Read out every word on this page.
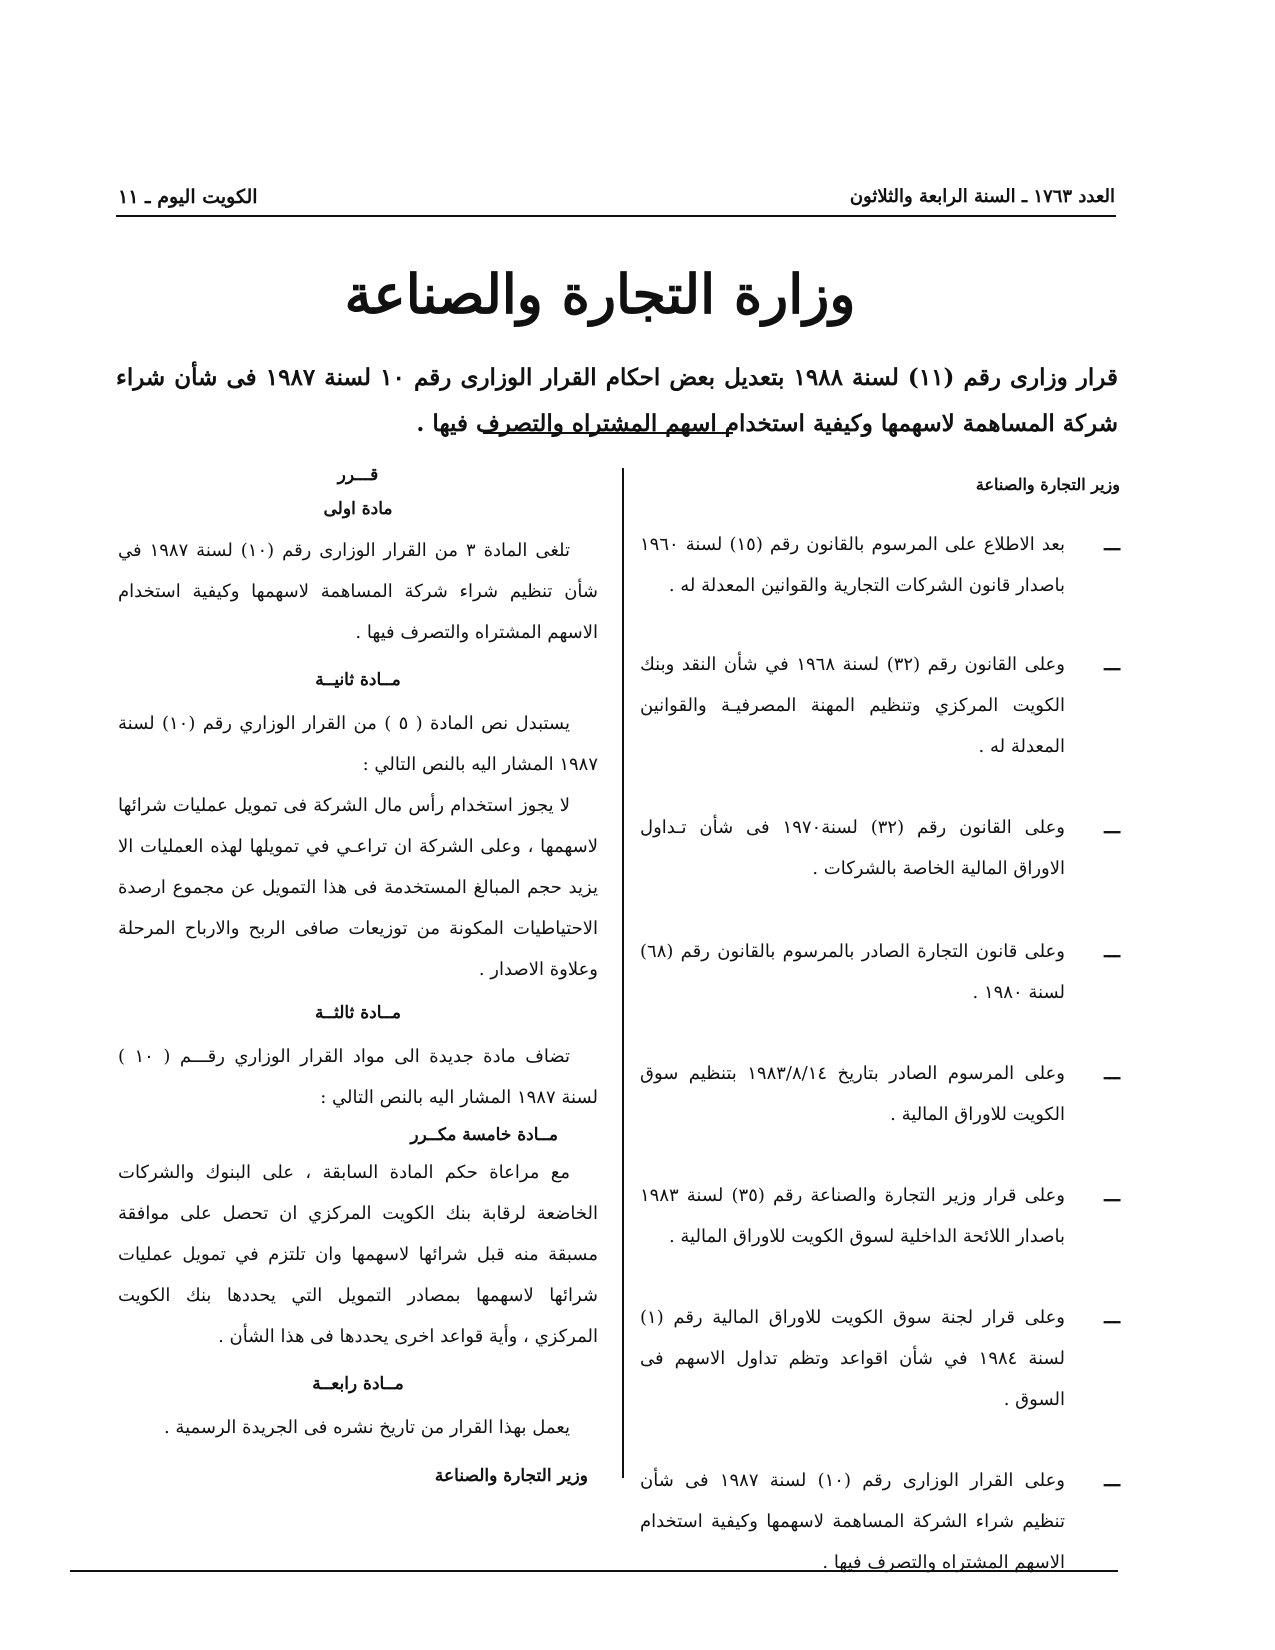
الكويت اليوم ـ ١١	العدد ١٧٦٣ ـ السنة الرابعة والثلاثون
وزارة التجارة والصناعة
قرار وزارى رقم (١١) لسنة ١٩٨٨ بتعديل بعض احكام القرار الوزارى رقم ١٠ لسنة ١٩٨٧ فى شأن شراء شركة المساهمة لاسهمها وكيفية استخدام اسهم المشتراه والتصرف فيها .
وزير التجارة والصناعة
ـــ
بعد الاطلاع على المرسوم بالقانون رقم (١٥) لسنة ١٩٦٠ باصدار قانون الشركات التجارية والقوانين المعدلة له .
ـــ
وعلى القانون رقم (٣٢) لسنة ١٩٦٨ في شأن النقد وبنك الكويت المركزي وتنظيم المهنة المصرفيـة والقوانين المعدلة له .
ـــ
وعلى القانون رقم (٣٢) لسنة١٩٧٠ فى شأن تـداول الاوراق المالية الخاصة بالشركات .
ـــ
وعلى قانون التجارة الصادر بالمرسوم بالقانون رقم (٦٨) لسنة ١٩٨٠ .
ـــ
وعلى المرسوم الصادر بتاريخ ١٩٨٣/٨/١٤ بتنظيم سوق الكويت للاوراق المالية .
ـــ
وعلى قرار وزير التجارة والصناعة رقم (٣٥) لسنة ١٩٨٣ باصدار اللائحة الداخلية لسوق الكويت للاوراق المالية .
ـــ
وعلى قرار لجنة سوق الكويت للاوراق المالية رقم (١) لسنة ١٩٨٤ في شأن اقواعد وتظم تداول الاسهم فى السوق .
ـــ
وعلى القرار الوزارى رقم (١٠) لسنة ١٩٨٧ فى شأن تنظيم شراء الشركة المساهمة لاسهمها وكيفية استخدام الاسهم المشتراه والتصرف فيها .
قـــرر
مادة اولى

تلغى المادة ٣ من القرار الوزارى رقم (١٠) لسنة ١٩٨٧ في شأن تنظيم شراء شركة المساهمة لاسهمها وكيفية استخدام الاسهم المشتراه والتصرف فيها .

مــادة ثانيــة

يستبدل نص المادة ( ٥ ) من القرار الوزاري رقم (١٠) لسنة ١٩٨٧ المشار اليه بالنص التالي :

لا يجوز استخدام رأس مال الشركة فى تمويل عمليات شرائها لاسهمها ، وعلى الشركة ان تراعـي في تمويلها لهذه العمليات الا يزيد حجم المبالغ المستخدمة فى هذا التمويل عن مجموع ارصدة الاحتياطيات المكونة من توزيعات صافى الربح والارباح المرحلة وعلاوة الاصدار .

مــادة ثالثــة

تضاف مادة جديدة الى مواد القرار الوزاري رقـــم ( ١٠ ) لسنة ١٩٨٧ المشار اليه بالنص التالي :

مــادة خامسة مكــرر

مع مراعاة حكم المادة السابقة ، على البنوك والشركات الخاضعة لرقابة بنك الكويت المركزي ان تحصل على موافقة مسبقة منه قبل شرائها لاسهمها وان تلتزم في تمويل عمليات شرائها لاسهمها بمصادر التمويل التي يحددها بنك الكويت المركزي ، وأية قواعد اخرى يحددها فى هذا الشأن .

مــادة رابعــة

يعمل بهذا القرار من تاريخ نشره فى الجريدة الرسمية .

وزير التجارة والصناعة
